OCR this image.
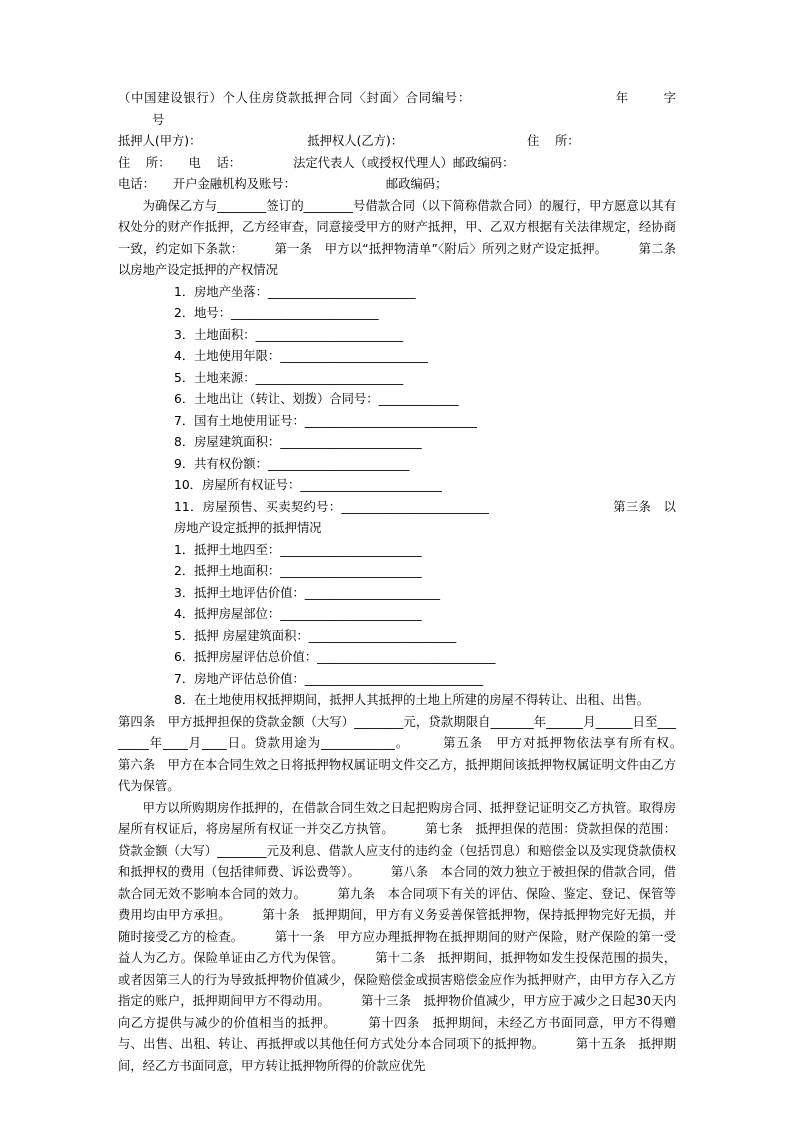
（中国建设银行）个人住房贷款抵押合同〈封面〉合同编号：	年	字号

抵押人(甲方)：	抵押权人(乙方)：	住    所：

住    所： 电    话：	法定代表人（或授权代理人）邮政编码：

电话： 开户金融机构及账号：	邮政编码；

为确保乙方与________签订的________号借款合同（以下简称借款合同）的履行，甲方愿意以其有权处分的财产作抵押，乙方经审查，同意接受甲方的财产抵押，甲、乙双方根据有关法律规定，经协商一致，约定如下条款：　　　第一条　甲方以“抵押物清单”〈附后〉所列之财产设定抵押。　　　第二条　以房地产设定抵押的产权情况

1．房地产坐落：________________________

2．地号：________________________

3．土地面积：________________________

4．土地使用年限：________________________

5．土地来源：________________________

6．土地出让（转让、划拨）合同号：_____________

7．国有土地使用证号：____________________________

8．房屋建筑面积：_______________________

9．共有权份额：_______________________

10．房屋所有权证号：_______________________

11．房屋预售、买卖契约号：________________________	第三条　以房地产设定抵押的抵押情况

1．抵押土地四至：_______________________

2．抵押土地面积：_______________________

3．抵押土地评估价值：______________________

4．抵押房屋部位：_______________________

5．抵押 房屋建筑面积：________________________

6．抵押房屋评估总价值：_____________________________

7．房地产评估总价值：_____________________________

8．在土地使用权抵押期间，抵押人其抵押的土地上所建的房屋不得转让、出租、出售。

第四条　甲方抵押担保的贷款金额（大写）________元，贷款期限自_______年______月______日至________年____月____日。贷款用途为____________。　　　第五条　甲方对抵押物依法享有所有权。　　　第六条　甲方在本合同生效之日将抵押物权属证明文件交乙方，抵押期间该抵押物权属证明文件由乙方代为保管。

甲方以所购期房作抵押的，在借款合同生效之日起把购房合同、抵押登记证明交乙方执管。取得房屋所有权证后，将房屋所有权证一并交乙方执管。　　　第七条　抵押担保的范围：贷款担保的范围：贷款金额（大写）________元及利息、借款人应支付的违约金（包括罚息）和赔偿金以及实现贷款债权和抵押权的费用（包括律师费、诉讼费等）。　　　第八条　本合同的效力独立于被担保的借款合同，借款合同无效不影响本合同的效力。　　　第九条　本合同项下有关的评估、保险、鉴定、登记、保管等费用均由甲方承担。　　　第十条　抵押期间，甲方有义务妥善保管抵押物，保持抵押物完好无损，并随时接受乙方的检查。　　　第十一条　甲方应办理抵押物在抵押期间的财产保险，财产保险的第一受益人为乙方。保险单证由乙方代为保管。　　　第十二条　抵押期间，抵押物如发生投保范围的损失，或者因第三人的行为导致抵押物价值减少，保险赔偿金或损害赔偿金应作为抵押财产，由甲方存入乙方指定的账户，抵押期间甲方不得动用。　　　第十三条　抵押物价值减少，甲方应于减少之日起30天内向乙方提供与减少的价值相当的抵押。　　　第十四条　抵押期间，未经乙方书面同意，甲方不得赠与、出售、出租、转让、再抵押或以其他任何方式处分本合同项下的抵押物。　　　第十五条　抵押期间，经乙方书面同意，甲方转让抵押物所得的价款应优先
